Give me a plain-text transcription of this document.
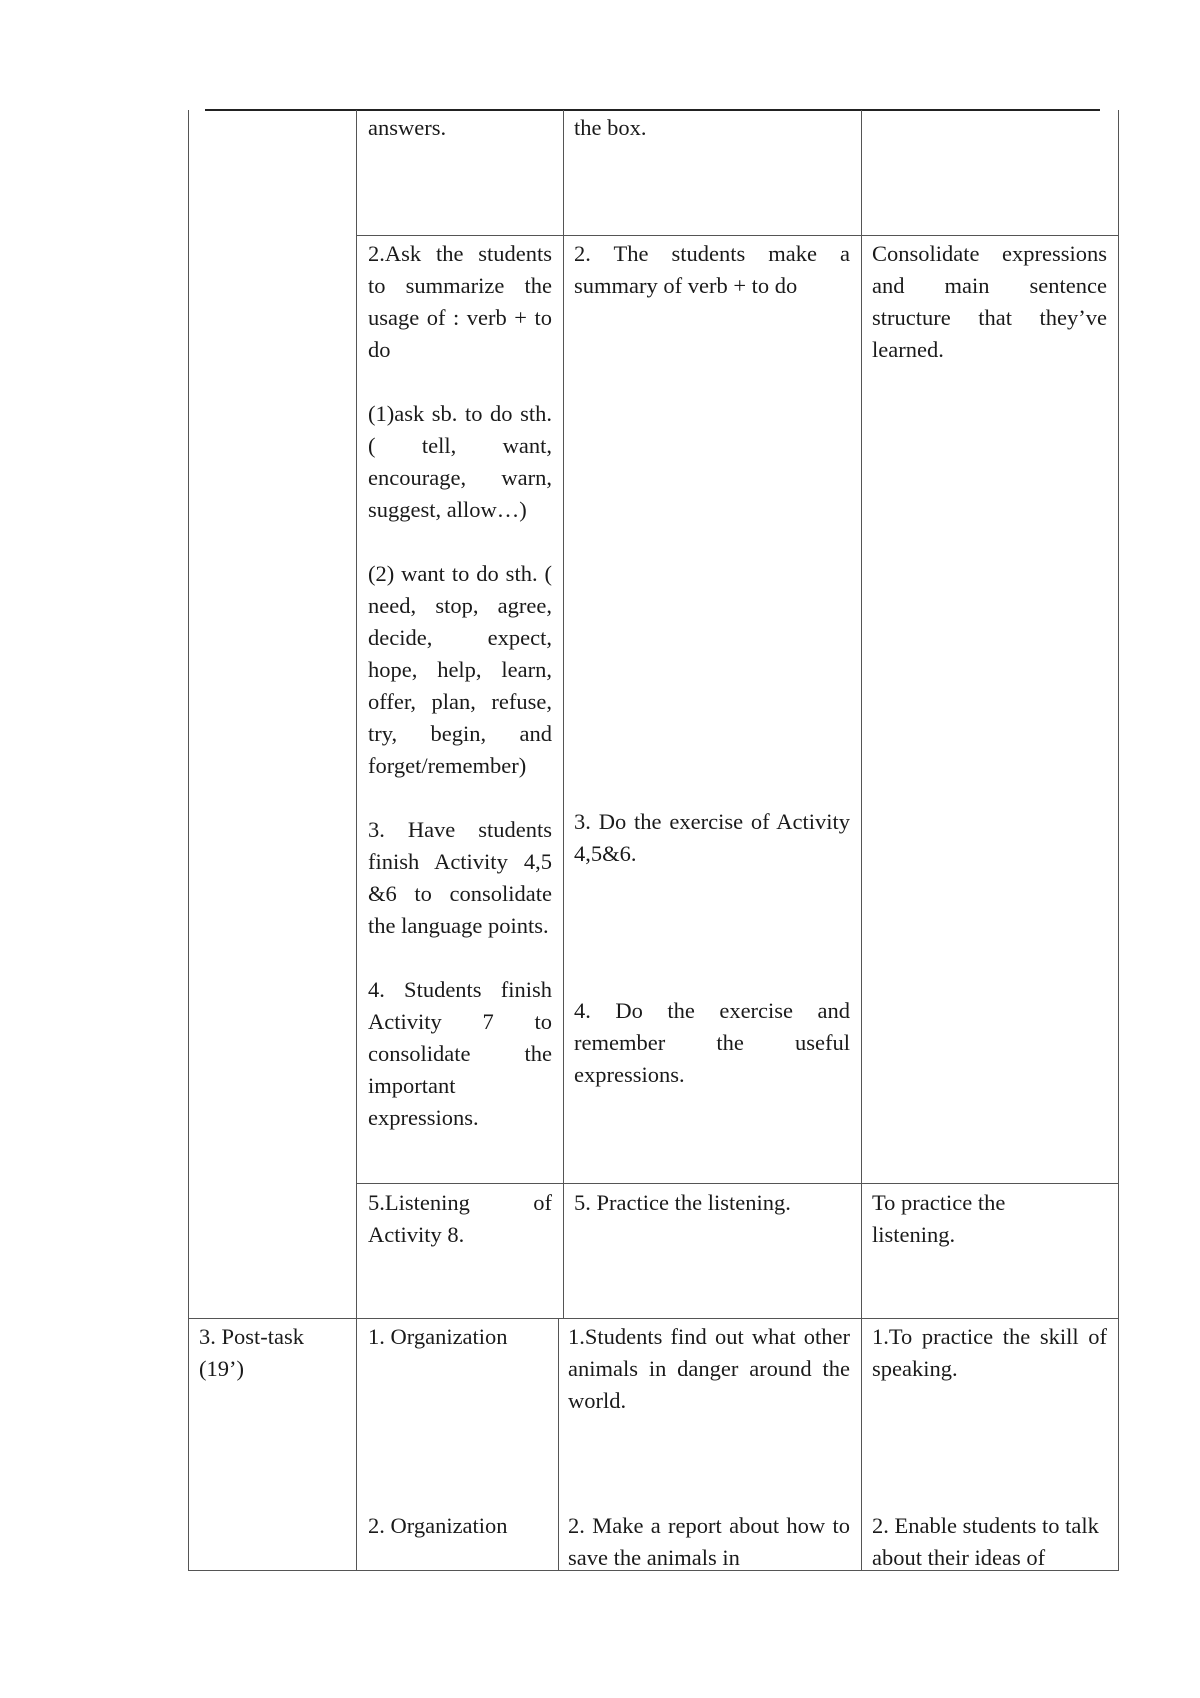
answers.	the box.

2.Ask the students to summarize the usage of : verb + to do

(1)ask sb. to do sth. ( tell, want, encourage, warn, suggest, allow…)

(2) want to do sth. ( need, stop, agree, decide, expect, hope, help, learn, offer, plan, refuse, try, begin, and forget/remember)

3. Have students finish Activity 4,5 &6 to consolidate the language points.

4. Students finish Activity 7 to consolidate the important expressions.

2. The students make a summary of verb + to do

3. Do the exercise of Activity 4,5&6.

4. Do the exercise and remember the useful expressions.

Consolidate expressions and main sentence structure that they’ve learned.

5.Listening of Activity 8.

5. Practice the listening.	To practice the listening.

3. Post-task (19’)

1. Organization

2. Organization

1.Students find out what other animals in danger around the world.

2. Make a report about how to save the animals in

1.To practice the skill of speaking.

2. Enable students to talk about their ideas of
